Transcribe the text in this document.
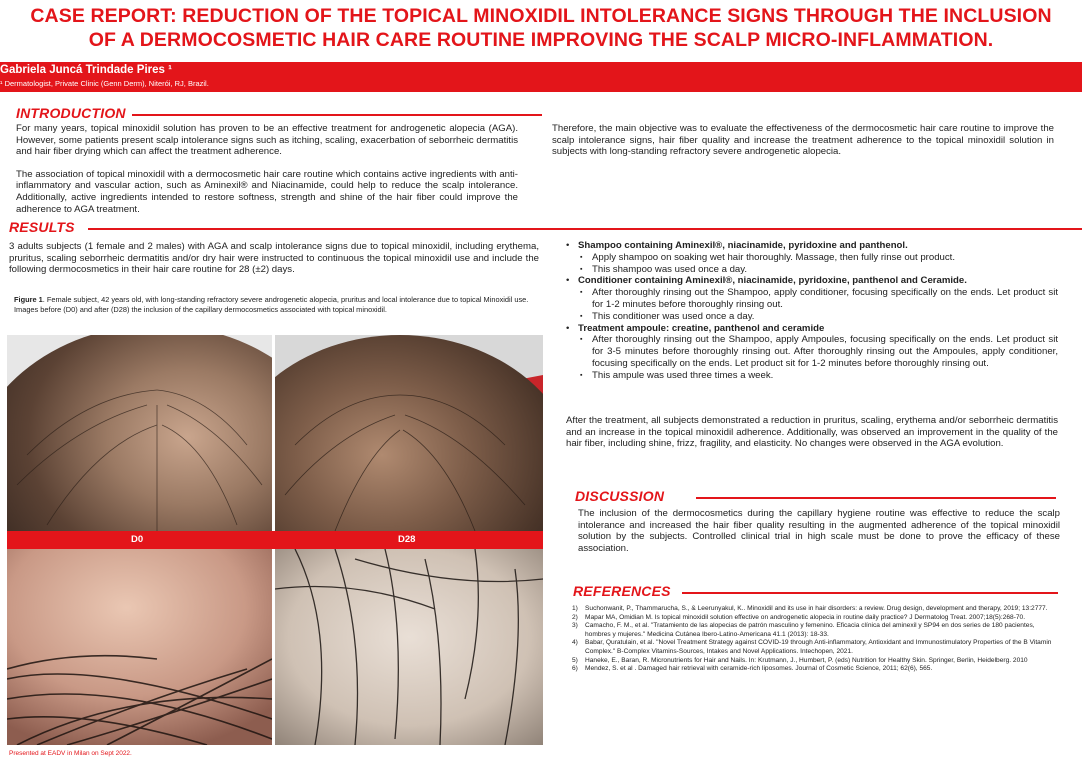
CASE REPORT: REDUCTION OF THE TOPICAL MINOXIDIL INTOLERANCE SIGNS THROUGH THE INCLUSION
OF A DERMOCOSMETIC HAIR CARE ROUTINE IMPROVING THE SCALP MICRO-INFLAMMATION.
Gabriela Juncá Trindade Pires ¹
¹ Dermatologist, Private Clinic (Genn Derm), Niterói, RJ, Brazil.
INTRODUCTION

For many years, topical minoxidil solution has proven to be an effective treatment for androgenetic alopecia (AGA). However, some patients present scalp intolerance signs such as itching, scaling, exacerbation of seborrheic dermatitis and hair fiber drying which can affect the treatment adherence.

The association of topical minoxidil with a dermocosmetic hair care routine which contains active ingredients with anti-inflammatory and vascular action, such as Aminexil® and Niacinamide, could help to reduce the scalp intolerance. Additionally, active ingredients intended to restore softness, strength and shine of the hair fiber could improve the adherence to AGA treatment.

Therefore, the main objective was to evaluate the effectiveness of the dermocosmetic hair care routine to improve the scalp intolerance signs, hair fiber quality and increase the treatment adherence to the topical minoxidil solution in subjects with long-standing refractory severe androgenetic alopecia.
RESULTS
3 adults subjects (1 female and 2 males) with AGA and scalp intolerance signs due to topical minoxidil, including erythema, pruritus, scaling seborrheic dermatitis and/or dry hair were instructed to continuous the topical minoxidil use and include the following dermocosmetics in their hair care routine for 28 (±2) days.
Figure 1. Female subject, 42 years old, with long-standing refractory severe androgenetic alopecia, pruritus and local intolerance due to topical Minoxidil use. Images before (D0) and after (D28) the inclusion of the capillary dermocosmetics associated with topical minoxidil.
D0	D28
Presented at EADV in Milan on Sept 2022.
• Shampoo containing Aminexil®, niacinamide, pyridoxine and panthenol.
▪ Apply shampoo on soaking wet hair thoroughly. Massage, then fully rinse out product.
▪ This shampoo was used once a day.
• Conditioner containing Aminexil®, niacinamide, pyridoxine, panthenol and Ceramide.
▪ After thoroughly rinsing out the Shampoo, apply conditioner, focusing specifically on the ends. Let product sit for 1-2 minutes before thoroughly rinsing out.
▪ This conditioner was used once a day.
• Treatment ampoule: creatine, panthenol and ceramide
▪ After thoroughly rinsing out the Shampoo, apply Ampoules, focusing specifically on the ends. Let product sit for 3-5 minutes before thoroughly rinsing out. After thoroughly rinsing out the Ampoules, apply conditioner, focusing specifically on the ends. Let product sit for 1-2 minutes before thoroughly rinsing out.
▪ This ampule was used three times a week.
After the treatment, all subjects demonstrated a reduction in pruritus, scaling, erythema and/or seborrheic dermatitis and an increase in the topical minoxidil adherence. Additionally, was observed an improvement in the quality of the hair fiber, including shine, frizz, fragility, and elasticity. No changes were observed in the AGA evolution.
DISCUSSION
The inclusion of the dermocosmetics during the capillary hygiene routine was effective to reduce the scalp intolerance and increased the hair fiber quality resulting in the augmented adherence of the topical minoxidil solution by the subjects. Controlled clinical trial in high scale must be done to prove the efficacy of these association.
REFERENCES
1) Suchonwanit, P., Thammarucha, S., & Leerunyakul, K.. Minoxidil and its use in hair disorders: a review. Drug design, development and therapy, 2019; 13:2777.
2) Mapar MA, Omidian M. Is topical minoxidil solution effective on androgenetic alopecia in routine daily practice? J Dermatolog Treat. 2007;18(5):268-70.
3) Camacho, F. M., et al. "Tratamiento de las alopecias de patrón masculino y femenino. Eficacia clínica del aminexil y SP94 en dos series de 180 pacientes, hombres y mujeres." Medicina Cutánea Ibero-Latino-Americana 41.1 (2013): 18-33.
4) Babar, Quratulain, et al. "Novel Treatment Strategy against COVID-19 through Anti-inflammatory, Antioxidant and Immunostimulatory Properties of the B Vitamin Complex." B-Complex Vitamins-Sources, Intakes and Novel Applications. Intechopen, 2021.
5) Haneke, E., Baran, R. Micronutrients for Hair and Nails. In: Krutmann, J., Humbert, P. (eds) Nutrition for Healthy Skin. Springer, Berlin, Heidelberg. 2010
6) Mendez, S. et al . Damaged hair retrieval with ceramide-rich liposomes. Journal of Cosmetic Science, 2011; 62(6), 565.
